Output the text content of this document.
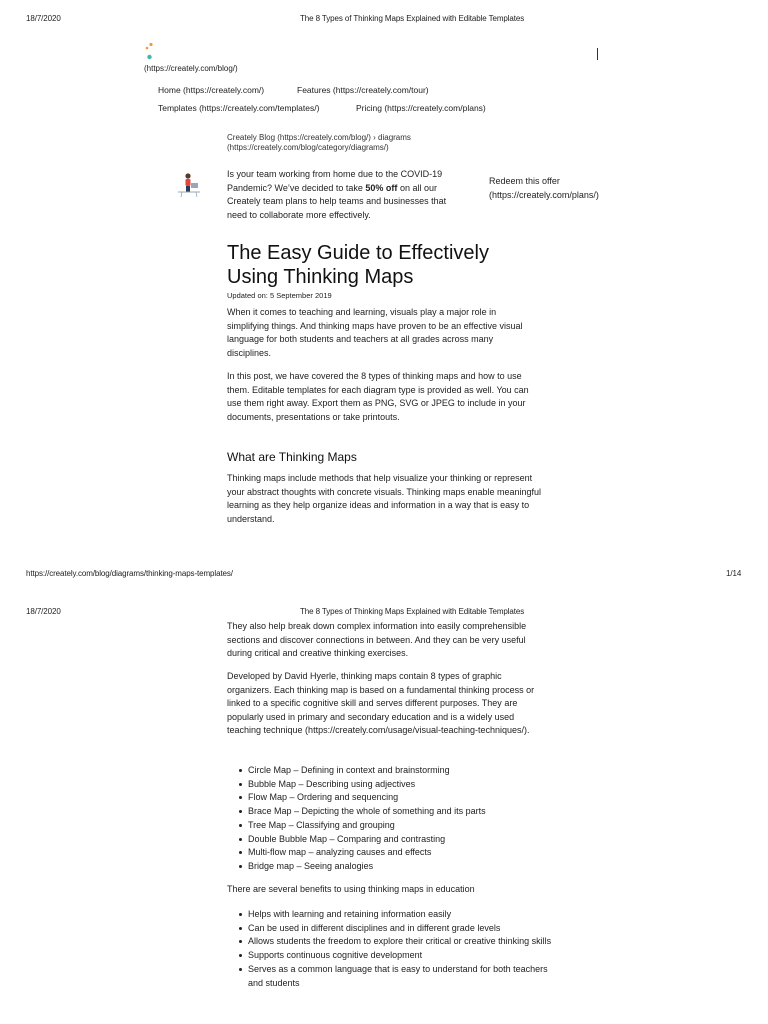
18/7/2020	The 8 Types of Thinking Maps Explained with Editable Templates
(https://creately.com/blog/)
Home (https://creately.com/)	Features (https://creately.com/tour)
Templates (https://creately.com/templates/)	Pricing (https://creately.com/plans)
Creately Blog (https://creately.com/blog/) › diagrams
(https://creately.com/blog/category/diagrams/)
Is your team working from home due to the COVID-19 Pandemic? We’ve decided to take 50% off on all our Creately team plans to help teams and businesses that need to collaborate more effectively.
Redeem this offer
(https://creately.com/plans/)
The Easy Guide to Effectively Using Thinking Maps
Updated on: 5 September 2019

When it comes to teaching and learning, visuals play a major role in simplifying things. And thinking maps have proven to be an effective visual language for both students and teachers at all grades across many disciplines.

In this post, we have covered the 8 types of thinking maps and how to use them. Editable templates for each diagram type is provided as well. You can use them right away. Export them as PNG, SVG or JPEG to include in your documents, presentations or take printouts.

What are Thinking Maps

Thinking maps include methods that help visualize your thinking or represent your abstract thoughts with concrete visuals. Thinking maps enable meaningful learning as they help organize ideas and information in a way that is easy to understand.

https://creately.com/blog/diagrams/thinking-maps-templates/	1/14
18/7/2020	The 8 Types of Thinking Maps Explained with Editable Templates

They also help break down complex information into easily comprehensible sections and discover connections in between. And they can be very useful during critical and creative thinking exercises.

Developed by David Hyerle, thinking maps contain 8 types of graphic organizers. Each thinking map is based on a fundamental thinking process or linked to a specific cognitive skill and serves different purposes. They are popularly used in primary and secondary education and is a widely used teaching technique (https://creately.com/usage/visual-teaching-techniques/).

Circle Map – Defining in context and brainstorming
Bubble Map – Describing using adjectives
Flow Map – Ordering and sequencing
Brace Map – Depicting the whole of something and its parts
Tree Map – Classifying and grouping
Double Bubble Map – Comparing and contrasting
Multi-flow map – analyzing causes and effects
Bridge map – Seeing analogies

There are several benefits to using thinking maps in education

Helps with learning and retaining information easily
Can be used in different disciplines and in different grade levels
Allows students the freedom to explore their critical or creative thinking skills
Supports continuous cognitive development
Serves as a common language that is easy to understand for both teachers and students
